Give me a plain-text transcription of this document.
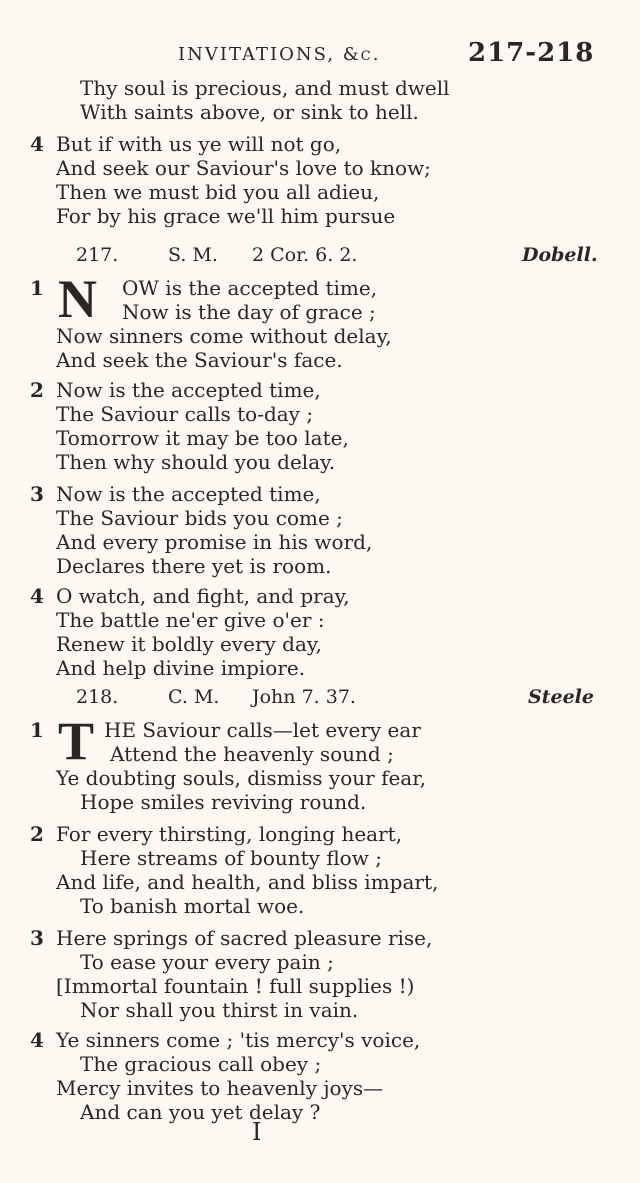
INVITATIONS, &c.	217-218
Thy soul is precious, and must dwell
With saints above, or sink to hell.
4 But if with us ye will not go,
And seek our Saviour's love to know;
Then we must bid you all adieu,
For by his grace we'll him pursue
217.	S. M. 2 Cor. 6. 2.	Dobell.
1 N OW is the accepted time,
Now is the day of grace ;
Now sinners come without delay,
And seek the Saviour's face.
2 Now is the accepted time,
The Saviour calls to-day ;
Tomorrow it may be too late,
Then why should you delay.
3 Now is the accepted time,
The Saviour bids you come ;
And every promise in his word,
Declares there yet is room.
4 O watch, and fight, and pray,
The battle ne'er give o'er :
Renew it boldly every day,
And help divine impiore.
218.	C. M. John 7. 37.	Steele
1 T HE Saviour calls—let every ear
Attend the heavenly sound ;
Ye doubting souls, dismiss your fear,
Hope smiles reviving round.
2 For every thirsting, longing heart,
Here streams of bounty flow ;
And life, and health, and bliss impart,
To banish mortal woe.
3 Here springs of sacred pleasure rise,
To ease your every pain ;
[Immortal fountain ! full supplies !)
Nor shall you thirst in vain.
4 Ye sinners come ; 'tis mercy's voice,
The gracious call obey ;
Mercy invites to heavenly joys—
And can you yet delay ?
I
